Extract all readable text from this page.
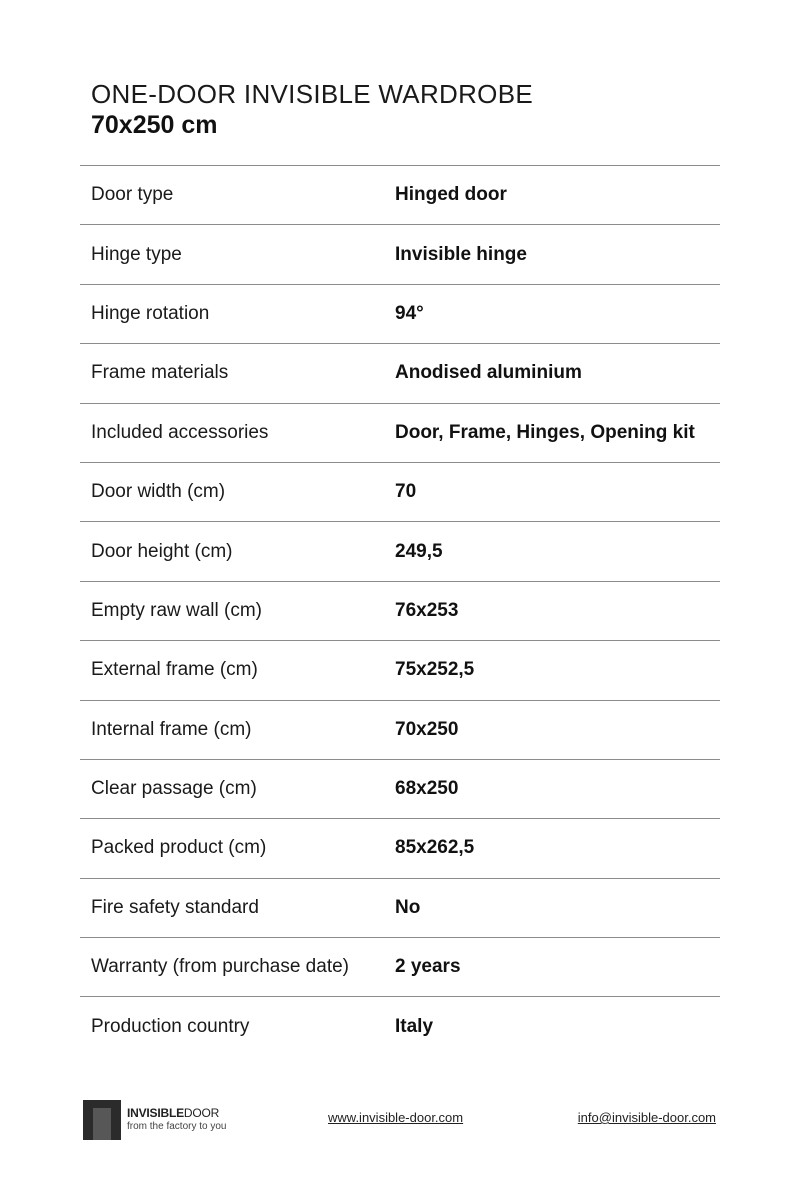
ONE-DOOR INVISIBLE WARDROBE
70x250 cm
Door type	Hinged door
Hinge type	Invisible hinge
Hinge rotation	94°
Frame materials	Anodised aluminium
Included accessories	Door, Frame, Hinges, Opening kit
Door width (cm)	70
Door height (cm)	249,5
Empty raw wall (cm)	76x253
External frame (cm)	75x252,5
Internal frame (cm)	70x250
Clear passage (cm)	68x250
Packed product (cm)	85x262,5
Fire safety standard	No
Warranty (from purchase date)	2 years
Production country	Italy
INVISIBLEDOOR
from the factory to you
www.invisible-door.com	info@invisible-door.com
